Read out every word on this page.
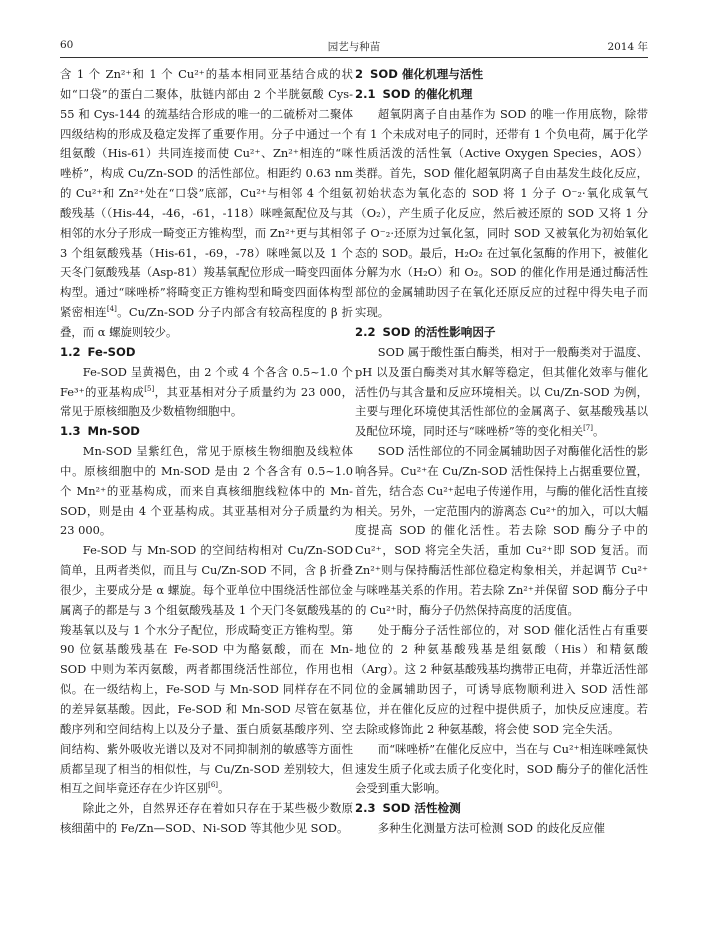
60	园艺与种苗	2014 年

含 1 个 Zn²⁺和 1 个 Cu²⁺的基本相同亚基结合成的状如“口袋”的蛋白二聚体，肽链内部由 2 个半胱氨酸 Cys-55 和 Cys-144 的巯基结合形成的唯一的二硫桥对二聚体四级结构的形成及稳定发挥了重要作用。分子中通过一个组氨酸（His-61）共同连接而使 Cu²⁺、Zn²⁺相连的“咪唑桥”，构成 Cu/Zn-SOD 的活性部位。相距约 0.63 nm 的 Cu²⁺和 Zn²⁺处在“口袋”底部，Cu²⁺与相邻 4 个组氨酸残基（（His-44，-46，-61，-118）咪唑氮配位及与其相邻的水分子形成一畸变正方锥构型，而 Zn²⁺更与其相邻 3 个组氨酸残基（His-61，-69，-78）咪唑氮以及 1 个天冬门氨酸残基（Asp-81）羧基氧配位形成一畸变四面体构型。通过“咪唑桥”将畸变正方锥构型和畸变四面体构型紧密相连[4]。Cu/Zn-SOD 分子内部含有较高程度的 β 折叠，而 α 螺旋则较少。

1.2 Fe-SOD

Fe-SOD 呈黄褐色，由 2 个或 4 个各含 0.5~1.0 个 Fe³⁺的亚基构成[5]，其亚基相对分子质量约为 23 000，常见于原核细胞及少数植物细胞中。

1.3 Mn-SOD

Mn-SOD 呈紫红色，常见于原核生物细胞及线粒体中。原核细胞中的 Mn-SOD 是由 2 个各含有 0.5~1.0 个 Mn²⁺的亚基构成，而来自真核细胞线粒体中的 Mn-SOD，则是由 4 个亚基构成。其亚基相对分子质量约为 23 000。

Fe-SOD 与 Mn-SOD 的空间结构相对 Cu/Zn-SOD 简单，且两者类似，而且与 Cu/Zn-SOD 不同，含 β 折叠很少，主要成分是 α 螺旋。每个亚单位中围绕活性部位金属离子的都是与 3 个组氨酸残基及 1 个天门冬氨酸残基的羧基氧以及与 1 个水分子配位，形成畸变正方锥构型。第 90 位氨基酸残基在 Fe-SOD 中为酪氨酸，而在 Mn-SOD 中则为苯丙氨酸，两者都围绕活性部位，作用也相似。在一级结构上，Fe-SOD 与 Mn-SOD 同样存在不同的差异氨基酸。因此，Fe-SOD 和 Mn-SOD 尽管在氨基酸序列和空间结构上以及分子量、蛋白质氨基酸序列、空间结构、紫外吸收光谱以及对不同抑制剂的敏感等方面性质都呈现了相当的相似性，与 Cu/Zn-SOD 差别较大，但相互之间毕竟还存在少许区别[6]。

除此之外，自然界还存在着如只存在于某些极少数原核细菌中的 Fe/Zn—SOD、Ni-SOD 等其他少见 SOD。

2 SOD 催化机理与活性
2.1 SOD 的催化机理

超氧阴离子自由基作为 SOD 的唯一作用底物，除带有 1 个未成对电子的同时，还带有 1 个负电荷，属于化学性质活泼的活性氧（Active Oxygen Species，AOS）类群。首先，SOD 催化超氧阴离子自由基发生歧化反应，初始状态为氧化态的 SOD 将 1 分子 O⁻₂·氧化成氧气（O₂），产生质子化反应，然后被还原的 SOD 又将 1 分子 O⁻₂·还原为过氧化氢，同时 SOD 又被氧化为初始氧化态的 SOD。最后，H₂O₂ 在过氧化氢酶的作用下，被催化分解为水（H₂O）和 O₂。SOD 的催化作用是通过酶活性部位的金属辅助因子在氧化还原反应的过程中得失电子而实现。

2.2 SOD 的活性影响因子

SOD 属于酸性蛋白酶类，相对于一般酶类对于温度、pH 以及蛋白酶类对其水解等稳定，但其催化效率与催化活性仍与其含量和反应环境相关。以 Cu/Zn-SOD 为例，主要与理化环境使其活性部位的金属离子、氨基酸残基以及配位环境，同时还与“咪唑桥”等的变化相关[7]。

SOD 活性部位的不同金属辅助因子对酶催化活性的影响各异。Cu²⁺在 Cu/Zn-SOD 活性保持上占据重要位置，首先，结合态 Cu²⁺起电子传递作用，与酶的催化活性直接相关。另外，一定范围内的游离态 Cu²⁺的加入，可以大幅度提高 SOD 的催化活性。若去除 SOD 酶分子中的 Cu²⁺，SOD 将完全失活，重加 Cu²⁺即 SOD 复活。而 Zn²⁺则与保持酶活性部位稳定构象相关，并起调节 Cu²⁺与咪唑基关系的作用。若去除 Zn²⁺并保留 SOD 酶分子中的 Cu²⁺时，酶分子仍然保持高度的活度值。

处于酶分子活性部位的，对 SOD 催化活性占有重要地位的 2 种氨基酸残基是组氨酸（His）和精氨酸（Arg）。这 2 种氨基酸残基均携带正电荷，并靠近活性部位的金属辅助因子，可诱导底物顺利进入 SOD 活性部位，并在催化反应的过程中提供质子，加快反应速度。若去除或修饰此 2 种氨基酸，将会使 SOD 完全失活。

而“咪唑桥”在催化反应中，当在与 Cu²⁺相连咪唑氮快速发生质子化或去质子化变化时，SOD 酶分子的催化活性会受到重大影响。

2.3 SOD 活性检测

多种生化测量方法可检测 SOD 的歧化反应催
